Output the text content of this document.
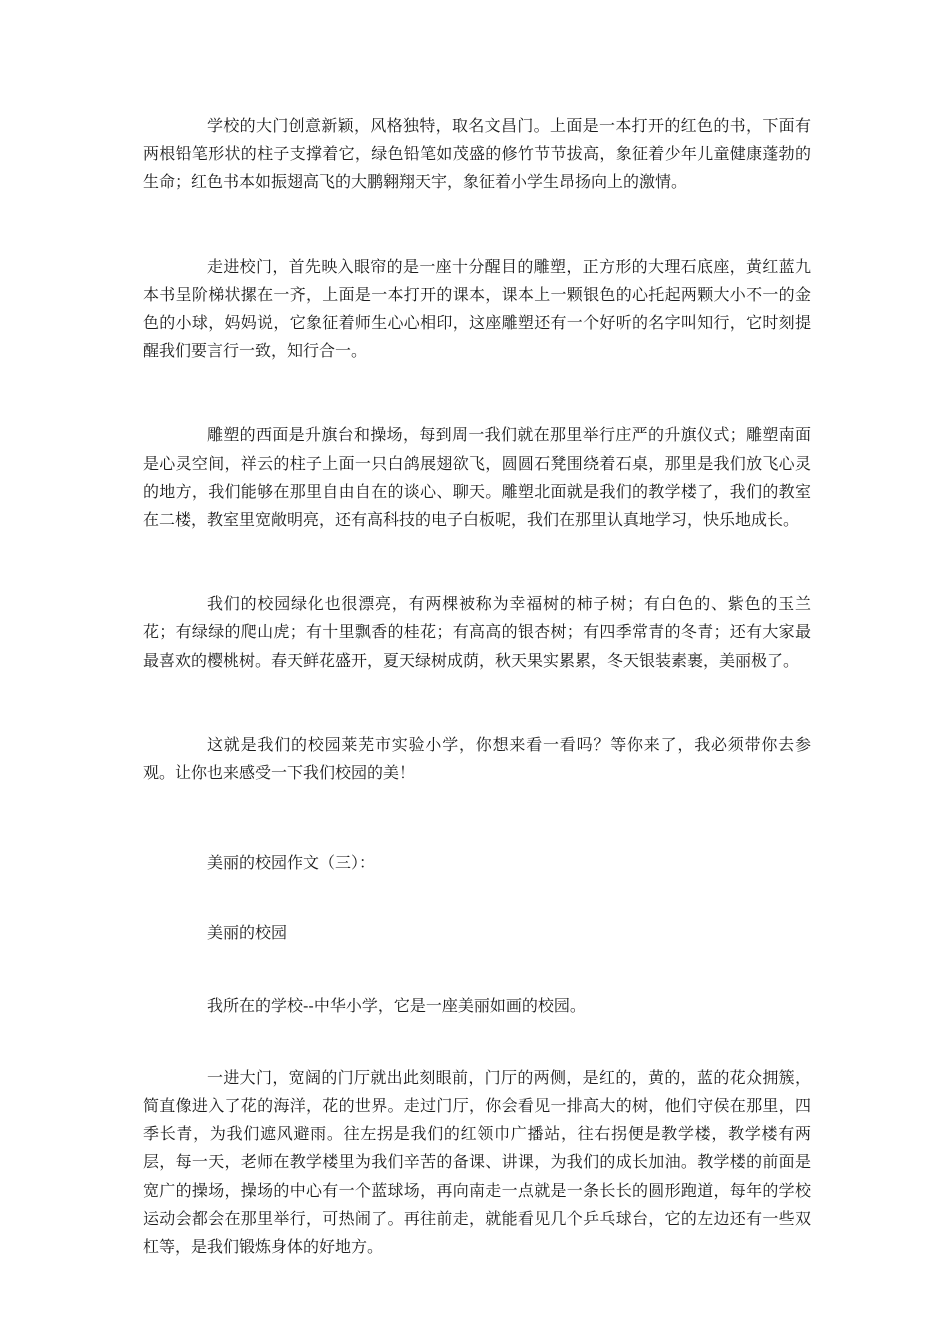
学校的大门创意新颖，风格独特，取名文昌门。上面是一本打开的红色的书，下面有两根铅笔形状的柱子支撑着它，绿色铅笔如茂盛的修竹节节拔高，象征着少年儿童健康蓬勃的生命；红色书本如振翅高飞的大鹏翱翔天宇，象征着小学生昂扬向上的激情。

走进校门，首先映入眼帘的是一座十分醒目的雕塑，正方形的大理石底座，黄红蓝九本书呈阶梯状摞在一齐，上面是一本打开的课本，课本上一颗银色的心托起两颗大小不一的金色的小球，妈妈说，它象征着师生心心相印，这座雕塑还有一个好听的名字叫知行，它时刻提醒我们要言行一致，知行合一。

雕塑的西面是升旗台和操场，每到周一我们就在那里举行庄严的升旗仪式；雕塑南面是心灵空间，祥云的柱子上面一只白鸽展翅欲飞，圆圆石凳围绕着石桌，那里是我们放飞心灵的地方，我们能够在那里自由自在的谈心、聊天。雕塑北面就是我们的教学楼了，我们的教室在二楼，教室里宽敞明亮，还有高科技的电子白板呢，我们在那里认真地学习，快乐地成长。

我们的校园绿化也很漂亮，有两棵被称为幸福树的柿子树；有白色的、紫色的玉兰花；有绿绿的爬山虎；有十里飘香的桂花；有高高的银杏树；有四季常青的冬青；还有大家最最喜欢的樱桃树。春天鲜花盛开，夏天绿树成荫，秋天果实累累，冬天银装素裹，美丽极了。

这就是我们的校园莱芜市实验小学，你想来看一看吗？等你来了，我必须带你去参观。让你也来感受一下我们校园的美！

美丽的校园作文（三）：

美丽的校园

我所在的学校--中华小学，它是一座美丽如画的校园。

一进大门，宽阔的门厅就出此刻眼前，门厅的两侧，是红的，黄的，蓝的花众拥簇，简直像进入了花的海洋，花的世界。走过门厅，你会看见一排高大的树，他们守侯在那里，四季长青，为我们遮风避雨。往左拐是我们的红领巾广播站，往右拐便是教学楼，教学楼有两层，每一天，老师在教学楼里为我们辛苦的备课、讲课，为我们的成长加油。教学楼的前面是宽广的操场，操场的中心有一个蓝球场，再向南走一点就是一条长长的圆形跑道，每年的学校运动会都会在那里举行，可热闹了。再往前走，就能看见几个乒乓球台，它的左边还有一些双杠等，是我们锻炼身体的好地方。
